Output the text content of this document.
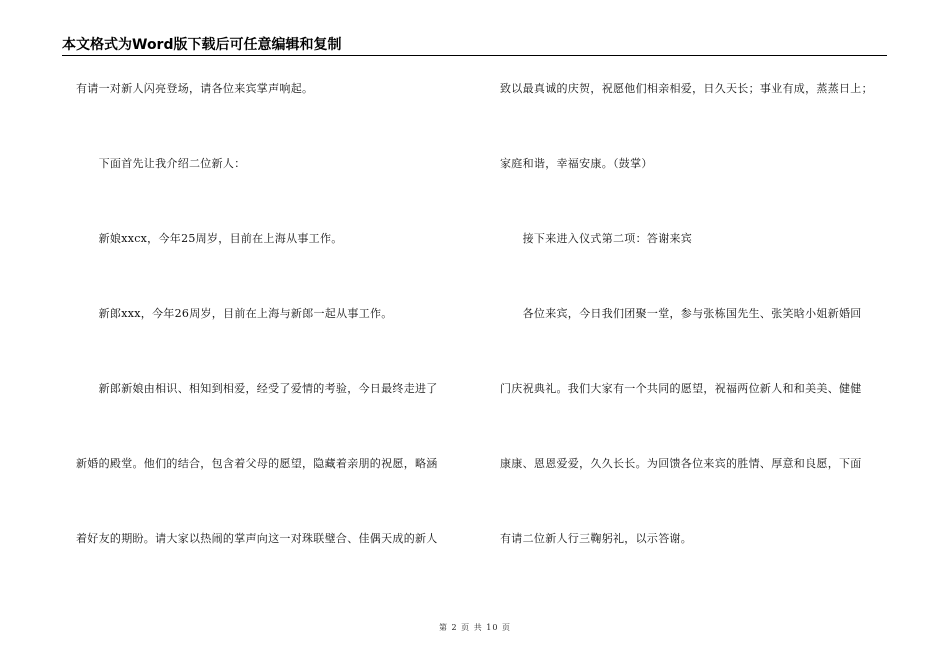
本文格式为Word版下载后可任意编辑和复制
有请一对新人闪亮登场，请各位来宾掌声响起。
　　下面首先让我介绍二位新人：
　　新娘xxcx，今年25周岁，目前在上海从事工作。
　　新郎xxx，今年26周岁，目前在上海与新郎一起从事工作。
　　新郎新娘由相识、相知到相爱，经受了爱情的考验，今日最终走进了
新婚的殿堂。他们的结合，包含着父母的愿望，隐藏着亲朋的祝愿，略涵
着好友的期盼。请大家以热闹的掌声向这一对珠联璧合、佳偶天成的新人
致以最真诚的庆贺，祝愿他们相亲相爱，日久天长；事业有成，蒸蒸日上；
家庭和谐，幸福安康。（鼓掌）
　　接下来进入仪式第二项：答谢来宾
　　各位来宾，今日我们团聚一堂，参与张栋国先生、张笑晗小姐新婚回
门庆祝典礼。我们大家有一个共同的愿望，祝福两位新人和和美美、健健
康康、恩恩爱爱，久久长长。为回馈各位来宾的胜情、厚意和良愿，下面
有请二位新人行三鞠躬礼，以示答谢。
第 2 页 共 10 页
